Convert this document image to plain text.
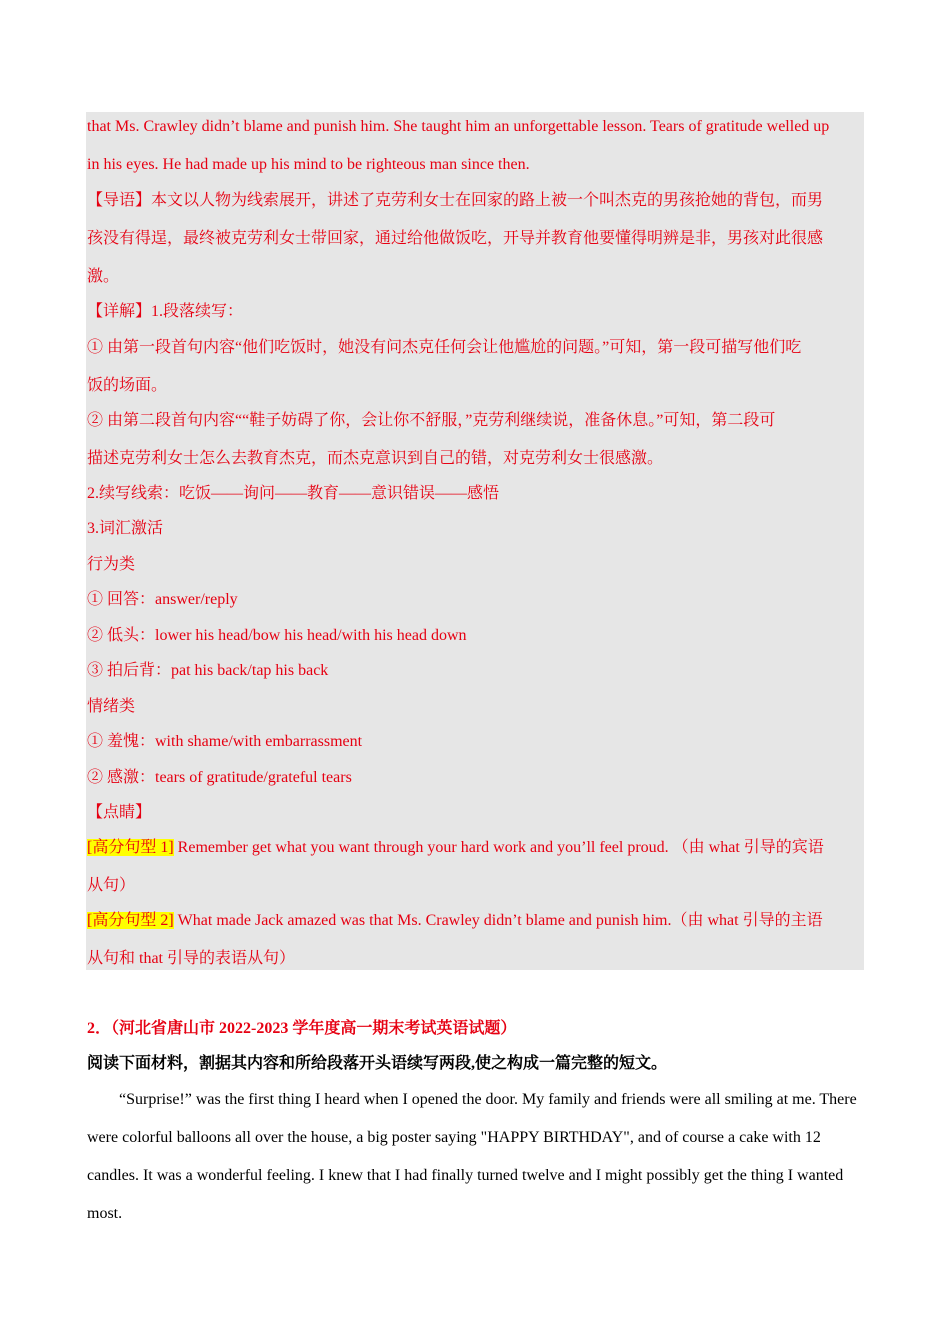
that Ms. Crawley didn’t blame and punish him. She taught him an unforgettable lesson. Tears of gratitude welled up
in his eyes. He had made up his mind to be righteous man since then.
【导语】本文以人物为线索展开，讲述了克劳利女士在回家的路上被一个叫杰克的男孩抢她的背包，而男
孩没有得逞，最终被克劳利女士带回家，通过给他做饭吃，开导并教育他要懂得明辨是非，男孩对此很感
激。
【详解】1.段落续写：
① 由第一段首句内容“他们吃饭时，她没有问杰克任何会让他尴尬的问题。”可知，第一段可描写他们吃
饭的场面。
② 由第二段首句内容““鞋子妨碍了你，会让你不舒服，”克劳利继续说，准备休息。”可知，第二段可
描述克劳利女士怎么去教育杰克，而杰克意识到自己的错，对克劳利女士很感激。
2.续写线索：吃饭——询问——教育——意识错误——感悟
3.词汇激活
行为类
① 回答：answer/reply
② 低头：lower his head/bow his head/with his head down
③ 拍后背：pat his back/tap his back
情绪类
① 羞愧：with shame/with embarrassment
② 感激：tears of gratitude/grateful tears
【点睛】
[高分句型 1] Remember get what you want through your hard work and you’ll feel proud. （由 what 引导的宾语
从句）
[高分句型 2] What made Jack amazed was that Ms. Crawley didn’t blame and punish him.（由 what 引导的主语
从句和 that 引导的表语从句）
2．（河北省唐山市 2022-2023 学年度高一期末考试英语试题）
阅读下面材料，割据其内容和所给段落开头语续写两段,使之构成一篇完整的短文。
“Surprise!” was the first thing I heard when I opened the door. My family and friends were all smiling at me. There were colorful balloons all over the house, a big poster saying "HAPPY BIRTHDAY", and of course a cake with 12 candles. It was a wonderful feeling. I knew that I had finally turned twelve and I might possibly get the thing I wanted most.
